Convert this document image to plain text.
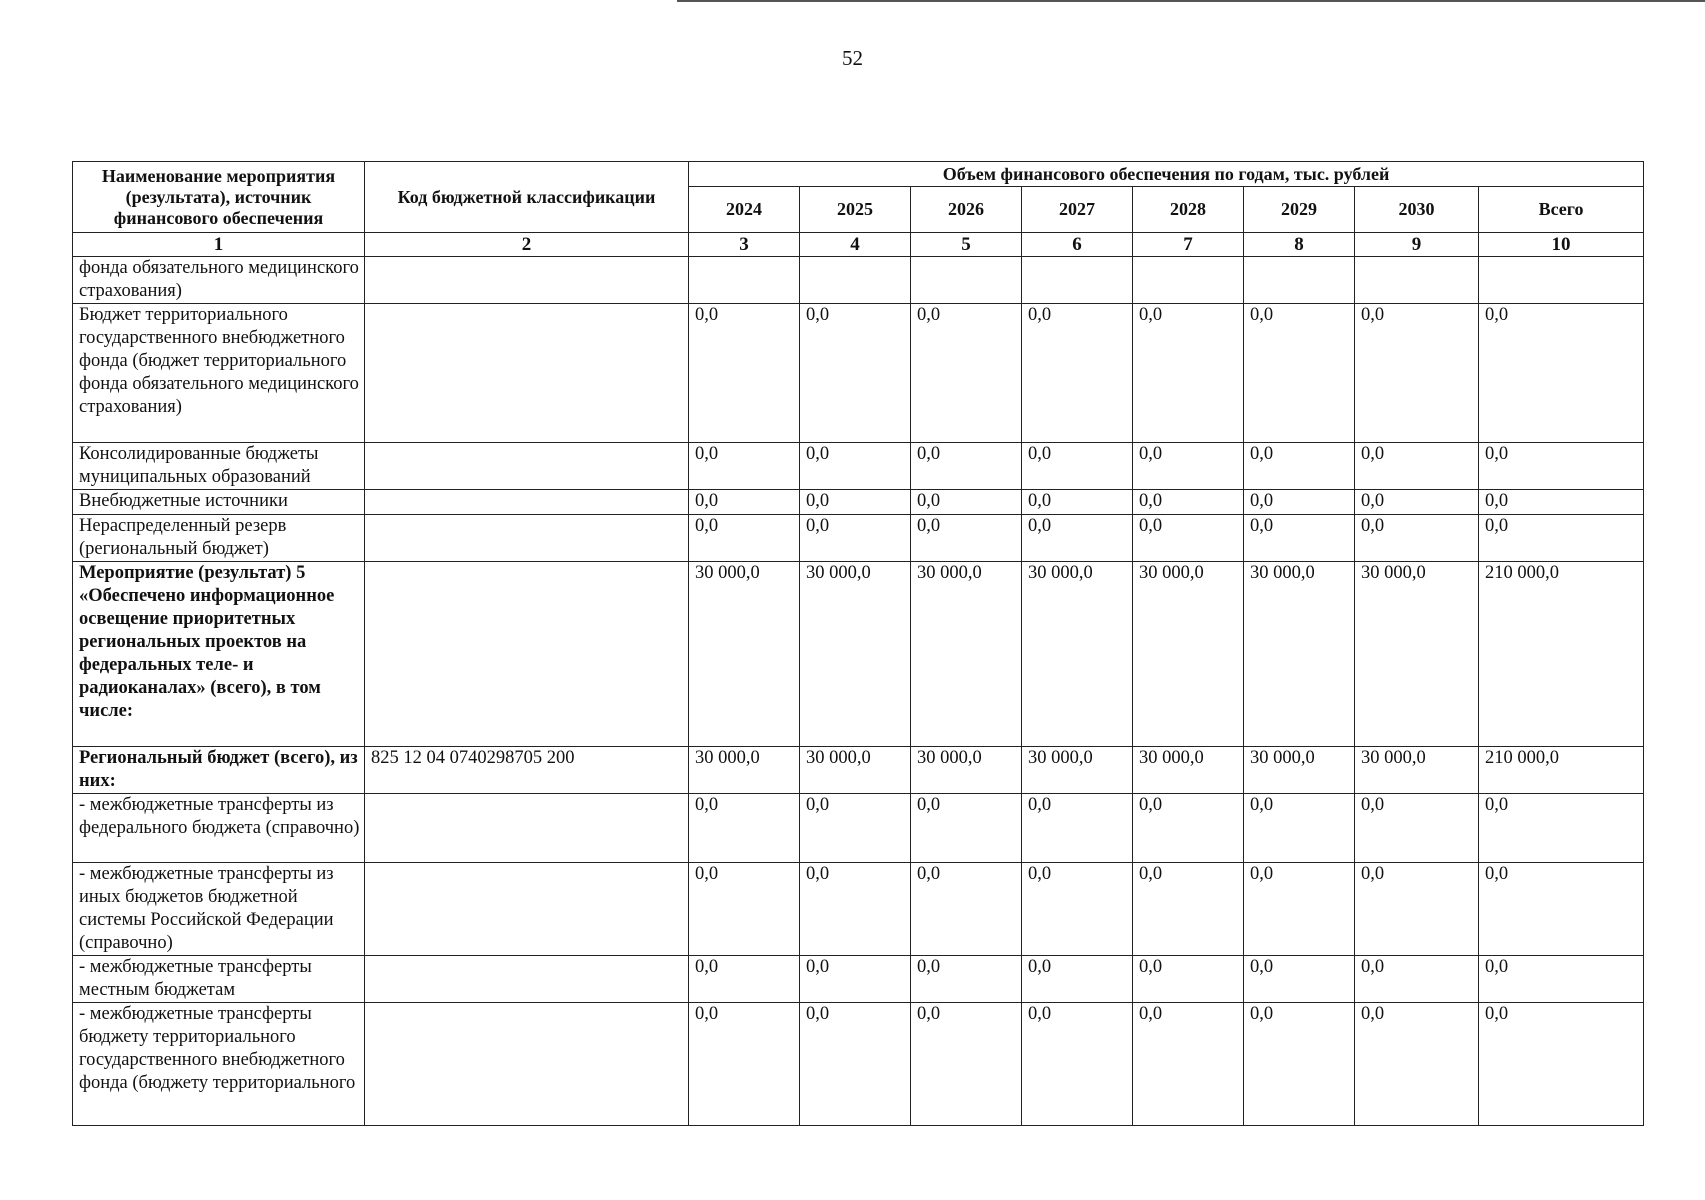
52
Наименование мероприятия (результата), источник финансового обеспечения	Код бюджетной классификации	Объем финансового обеспечения по годам, тыс. рублей							
		2024	2025	2026	2027	2028	2029	2030	Всего
1	2	3	4	5	6	7	8	9	10
фонда обязательного медицинского страхования)									
Бюджет территориального государственного внебюджетного фонда (бюджет территориального фонда обязательного медицинского страхования)		0,0	0,0	0,0	0,0	0,0	0,0	0,0	0,0
Консолидированные бюджеты муниципальных образований		0,0	0,0	0,0	0,0	0,0	0,0	0,0	0,0
Внебюджетные источники		0,0	0,0	0,0	0,0	0,0	0,0	0,0	0,0
Нераспределенный резерв (региональный бюджет)		0,0	0,0	0,0	0,0	0,0	0,0	0,0	0,0
Мероприятие (результат) 5 «Обеспечено информационное освещение приоритетных региональных проектов на федеральных теле- и радиоканалах» (всего), в том числе:		30 000,0	30 000,0	30 000,0	30 000,0	30 000,0	30 000,0	30 000,0	210 000,0
Региональный бюджет (всего), из них:	825 12 04 0740298705 200	30 000,0	30 000,0	30 000,0	30 000,0	30 000,0	30 000,0	30 000,0	210 000,0
- межбюджетные трансферты из федерального бюджета (справочно)		0,0	0,0	0,0	0,0	0,0	0,0	0,0	0,0
- межбюджетные трансферты из иных бюджетов бюджетной системы Российской Федерации (справочно)		0,0	0,0	0,0	0,0	0,0	0,0	0,0	0,0
- межбюджетные трансферты местным бюджетам		0,0	0,0	0,0	0,0	0,0	0,0	0,0	0,0
- межбюджетные трансферты бюджету территориального государственного внебюджетного фонда (бюджету территориального		0,0	0,0	0,0	0,0	0,0	0,0	0,0	0,0
